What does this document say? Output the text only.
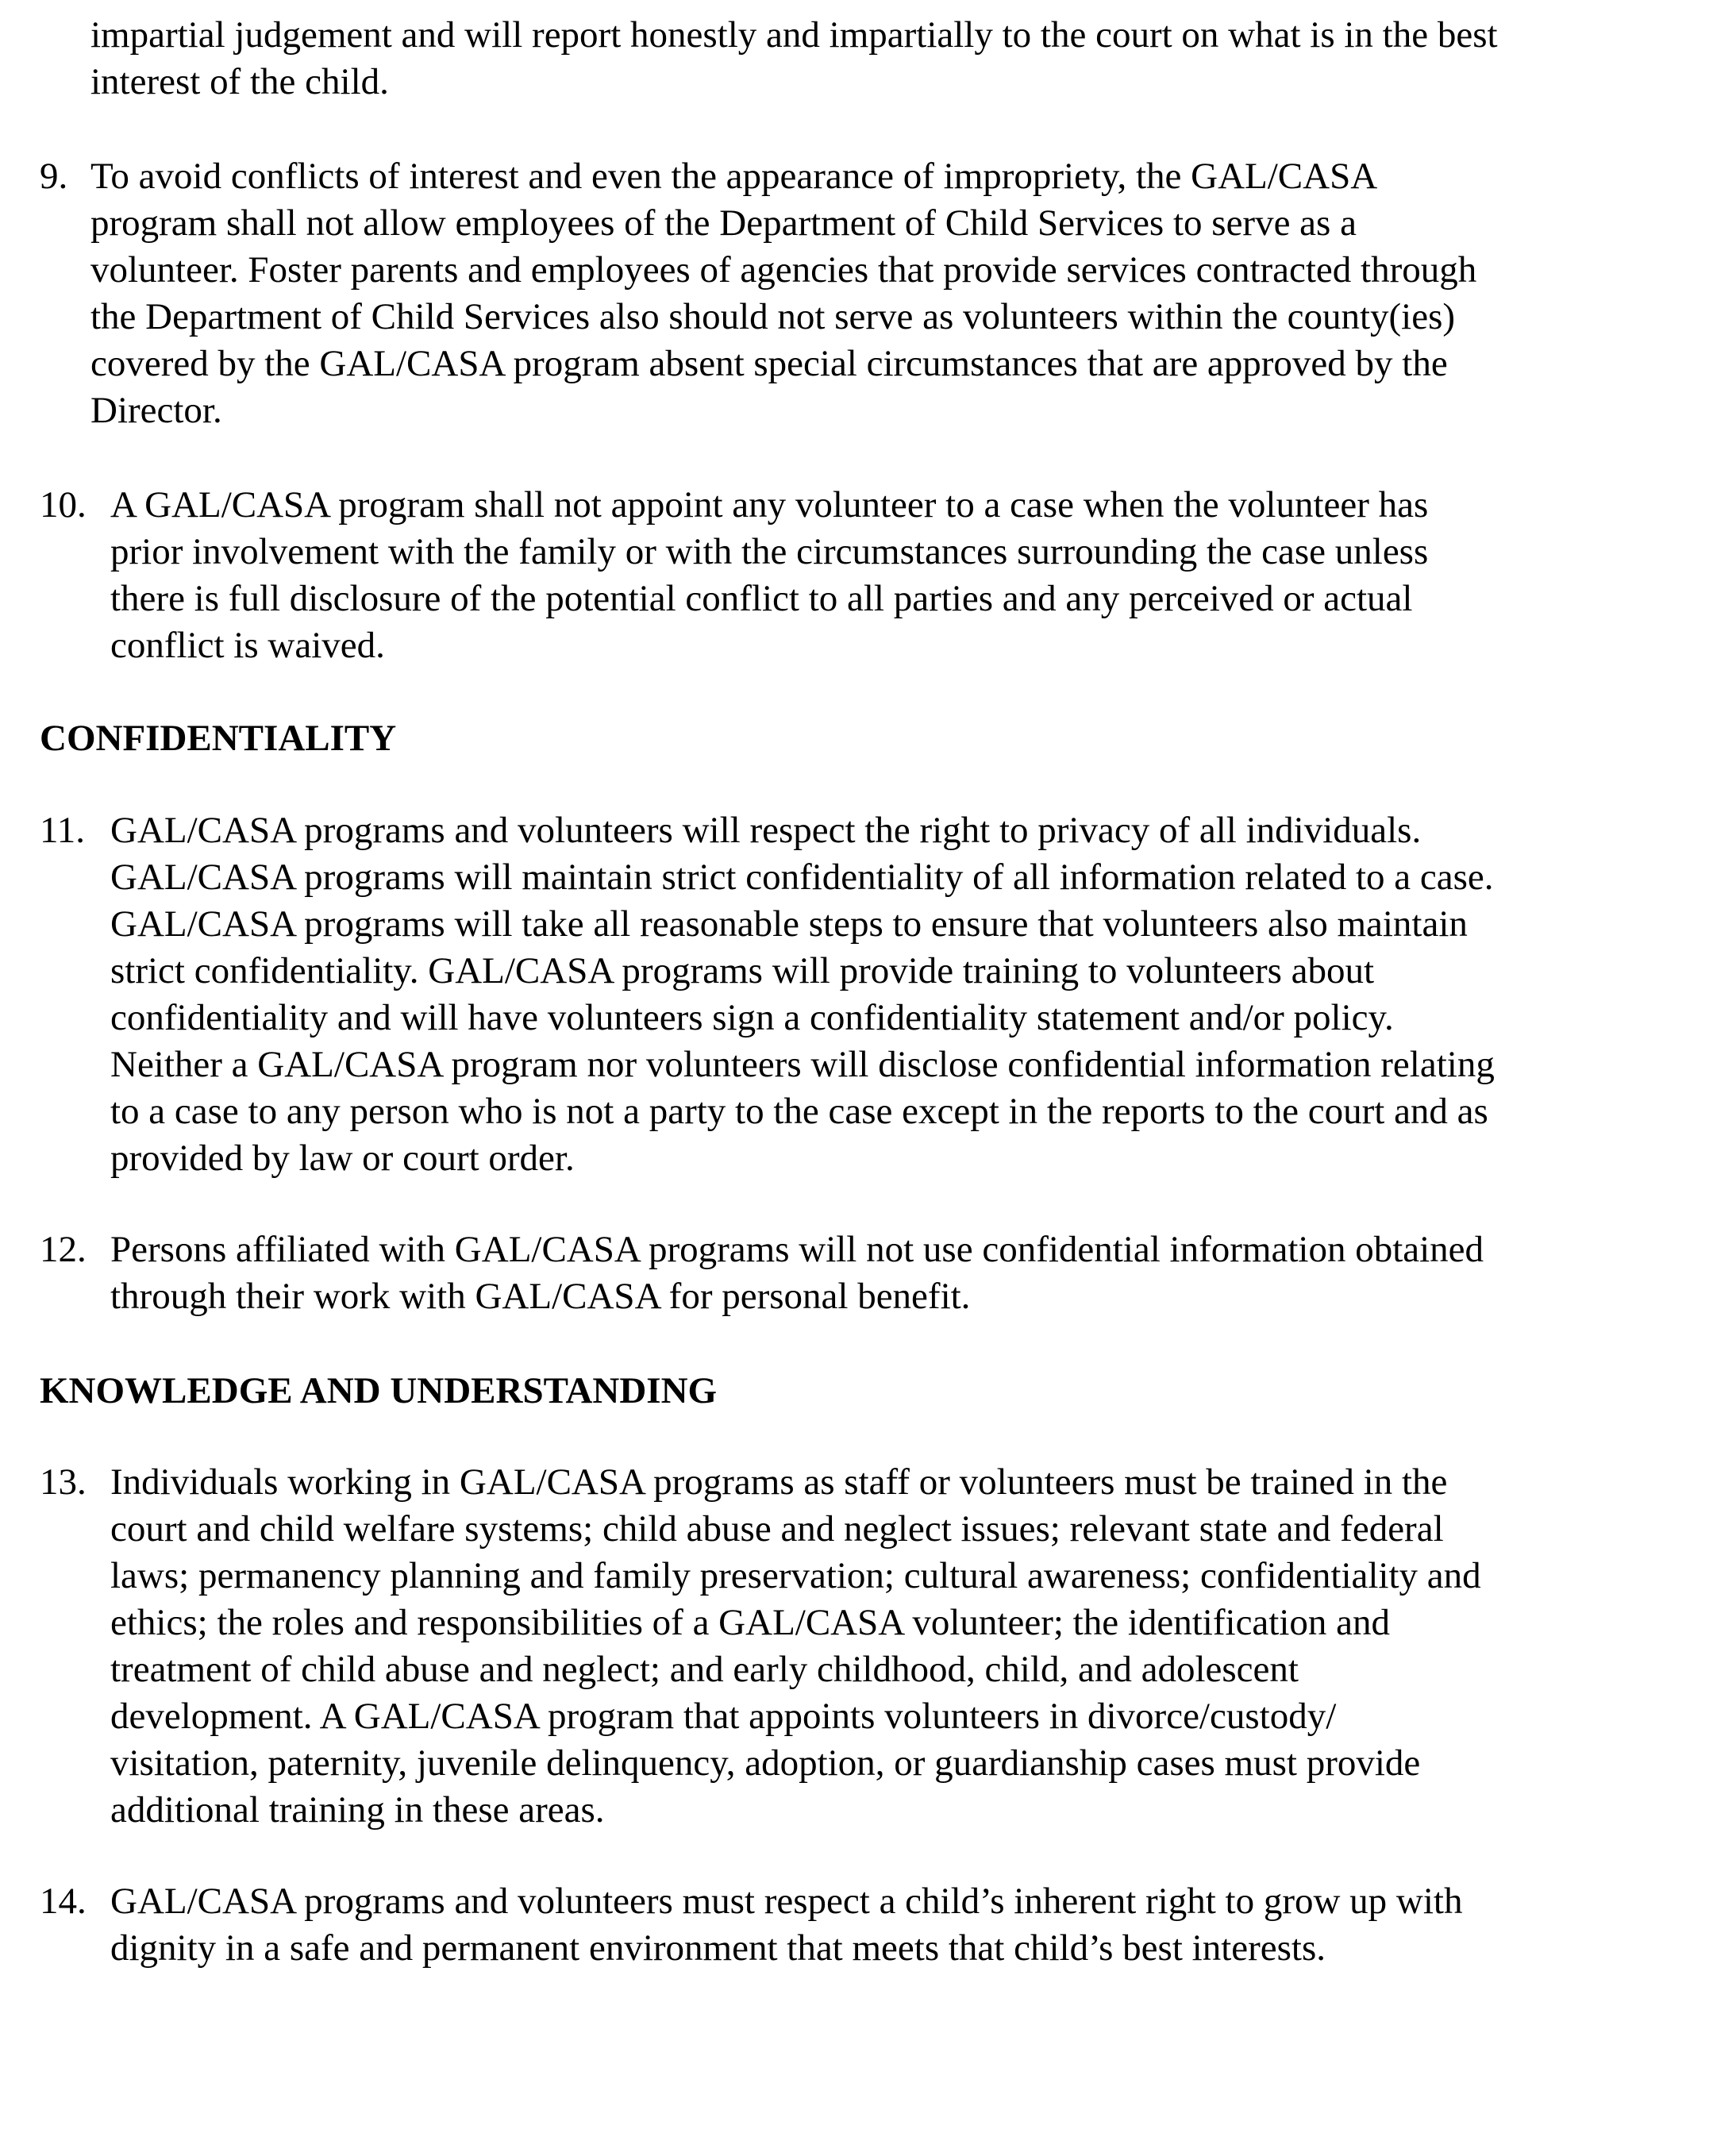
impartial judgement and will report honestly and impartially to the court on what is in the best
interest of the child.
9. To avoid conflicts of interest and even the appearance of impropriety, the GAL/CASA
program shall not allow employees of the Department of Child Services to serve as a
volunteer. Foster parents and employees of agencies that provide services contracted through
the Department of Child Services also should not serve as volunteers within the county(ies)
covered by the GAL/CASA program absent special circumstances that are approved by the
Director.
10. A GAL/CASA program shall not appoint any volunteer to a case when the volunteer has
prior involvement with the family or with the circumstances surrounding the case unless
there is full disclosure of the potential conflict to all parties and any perceived or actual
conflict is waived.
CONFIDENTIALITY
11. GAL/CASA programs and volunteers will respect the right to privacy of all individuals.
GAL/CASA programs will maintain strict confidentiality of all information related to a case.
GAL/CASA programs will take all reasonable steps to ensure that volunteers also maintain
strict confidentiality. GAL/CASA programs will provide training to volunteers about
confidentiality and will have volunteers sign a confidentiality statement and/or policy.
Neither a GAL/CASA program nor volunteers will disclose confidential information relating
to a case to any person who is not a party to the case except in the reports to the court and as
provided by law or court order.
12. Persons affiliated with GAL/CASA programs will not use confidential information obtained
through their work with GAL/CASA for personal benefit.
KNOWLEDGE AND UNDERSTANDING
13. Individuals working in GAL/CASA programs as staff or volunteers must be trained in the
court and child welfare systems; child abuse and neglect issues; relevant state and federal
laws; permanency planning and family preservation; cultural awareness; confidentiality and
ethics; the roles and responsibilities of a GAL/CASA volunteer; the identification and
treatment of child abuse and neglect; and early childhood, child, and adolescent
development. A GAL/CASA program that appoints volunteers in divorce/custody/
visitation, paternity, juvenile delinquency, adoption, or guardianship cases must provide
additional training in these areas.
14. GAL/CASA programs and volunteers must respect a child’s inherent right to grow up with
dignity in a safe and permanent environment that meets that child’s best interests.
